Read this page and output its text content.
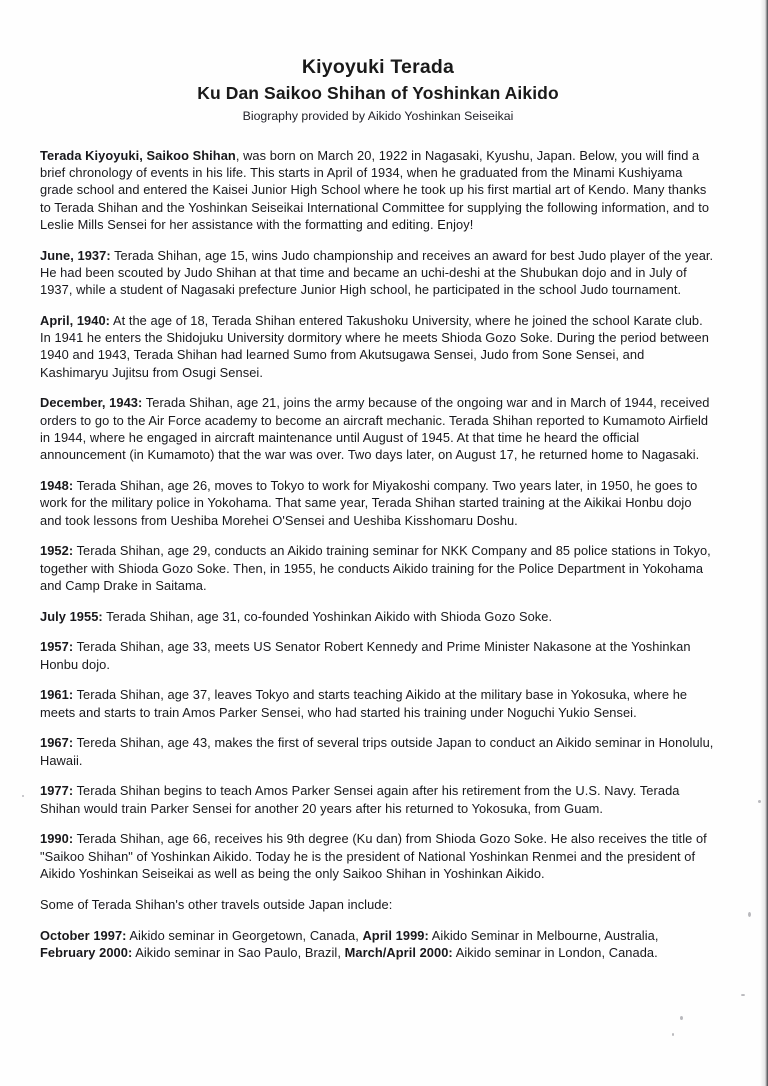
Kiyoyuki Terada
Ku Dan Saikoo Shihan of Yoshinkan Aikido
Biography provided by Aikido Yoshinkan Seiseikai

Terada Kiyoyuki, Saikoo Shihan, was born on March 20, 1922 in Nagasaki, Kyushu, Japan. Below, you will find a brief chronology of events in his life. This starts in April of 1934, when he graduated from the Minami Kushiyama grade school and entered the Kaisei Junior High School where he took up his first martial art of Kendo. Many thanks to Terada Shihan and the Yoshinkan Seiseikai International Committee for supplying the following information, and to Leslie Mills Sensei for her assistance with the formatting and editing. Enjoy!

June, 1937: Terada Shihan, age 15, wins Judo championship and receives an award for best Judo player of the year. He had been scouted by Judo Shihan at that time and became an uchi-deshi at the Shubukan dojo and in July of 1937, while a student of Nagasaki prefecture Junior High school, he participated in the school Judo tournament.

April, 1940: At the age of 18, Terada Shihan entered Takushoku University, where he joined the school Karate club. In 1941 he enters the Shidojuku University dormitory where he meets Shioda Gozo Soke. During the period between 1940 and 1943, Terada Shihan had learned Sumo from Akutsugawa Sensei, Judo from Sone Sensei, and Kashimaryu Jujitsu from Osugi Sensei.

December, 1943: Terada Shihan, age 21, joins the army because of the ongoing war and in March of 1944, received orders to go to the Air Force academy to become an aircraft mechanic. Terada Shihan reported to Kumamoto Airfield in 1944, where he engaged in aircraft maintenance until August of 1945. At that time he heard the official announcement (in Kumamoto) that the war was over. Two days later, on August 17, he returned home to Nagasaki.

1948: Terada Shihan, age 26, moves to Tokyo to work for Miyakoshi company. Two years later, in 1950, he goes to work for the military police in Yokohama. That same year, Terada Shihan started training at the Aikikai Honbu dojo and took lessons from Ueshiba Morehei O'Sensei and Ueshiba Kisshomaru Doshu.

1952: Terada Shihan, age 29, conducts an Aikido training seminar for NKK Company and 85 police stations in Tokyo, together with Shioda Gozo Soke. Then, in 1955, he conducts Aikido training for the Police Department in Yokohama and Camp Drake in Saitama.

July 1955: Terada Shihan, age 31, co-founded Yoshinkan Aikido with Shioda Gozo Soke.

1957: Terada Shihan, age 33, meets US Senator Robert Kennedy and Prime Minister Nakasone at the Yoshinkan Honbu dojo.

1961: Terada Shihan, age 37, leaves Tokyo and starts teaching Aikido at the military base in Yokosuka, where he meets and starts to train Amos Parker Sensei, who had started his training under Noguchi Yukio Sensei.

1967: Tereda Shihan, age 43, makes the first of several trips outside Japan to conduct an Aikido seminar in Honolulu, Hawaii.

1977: Terada Shihan begins to teach Amos Parker Sensei again after his retirement from the U.S. Navy. Terada Shihan would train Parker Sensei for another 20 years after his returned to Yokosuka, from Guam.

1990: Terada Shihan, age 66, receives his 9th degree (Ku dan) from Shioda Gozo Soke. He also receives the title of "Saikoo Shihan" of Yoshinkan Aikido. Today he is the president of National Yoshinkan Renmei and the president of Aikido Yoshinkan Seiseikai as well as being the only Saikoo Shihan in Yoshinkan Aikido.

Some of Terada Shihan's other travels outside Japan include:

October 1997: Aikido seminar in Georgetown, Canada, April 1999: Aikido Seminar in Melbourne, Australia, February 2000: Aikido seminar in Sao Paulo, Brazil, March/April 2000: Aikido seminar in London, Canada.
